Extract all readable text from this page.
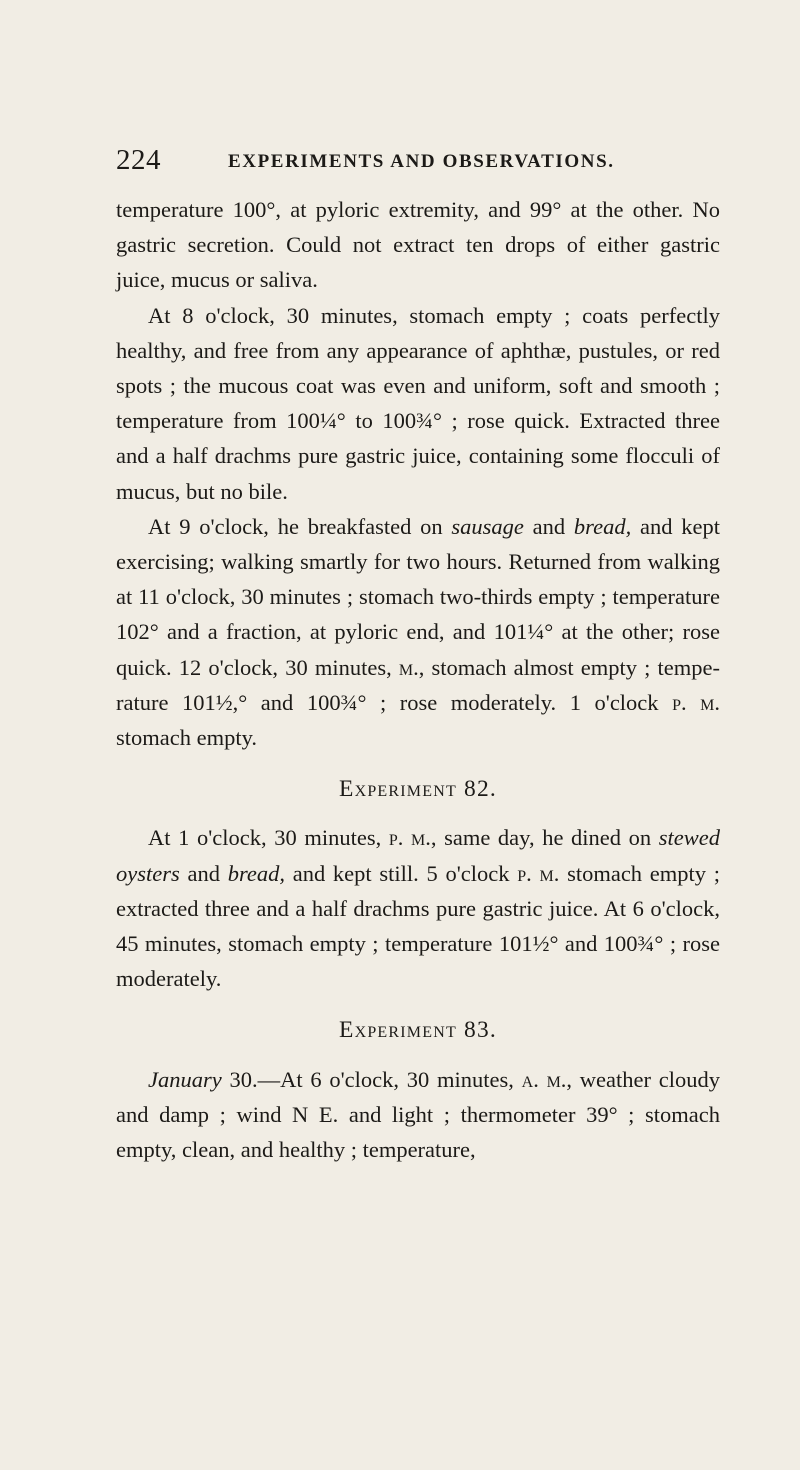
224	EXPERIMENTS AND OBSERVATIONS.

temperature 100°, at pyloric extremity, and 99° at the other. No gastric secretion. Could not extract ten drops of either gastric juice, mucus or saliva.

At 8 o'clock, 30 minutes, stomach empty ; coats perfectly healthy, and free from any appearance of aphthæ, pustules, or red spots ; the mucous coat was even and uniform, soft and smooth ; temperature from 100¼° to 100¾° ; rose quick. Extracted three and a half drachms pure gastric juice, containing some flocculi of mucus, but no bile.

At 9 o'clock, he breakfasted on sausage and bread, and kept exercising; walking smartly for two hours. Returned from walking at 11 o'clock, 30 minutes ; stomach two-thirds empty ; temperature 102° and a fraction, at pyloric end, and 101¼° at the other; rose quick. 12 o'clock, 30 minutes, m., stomach almost empty ; temperature 101½,° and 100¾° ; rose moderately. 1 o'clock p. m. stomach empty.

Experiment 82.

At 1 o'clock, 30 minutes, p. m., same day, he dined on stewed oysters and bread, and kept still. 5 o'clock p. m. stomach empty ; extracted three and a half drachms pure gastric juice. At 6 o'clock, 45 minutes, stomach empty ; temperature 101½° and 100¾° ; rose moderately.

Experiment 83.

January 30.—At 6 o'clock, 30 minutes, a. m., weather cloudy and damp ; wind N E. and light ; thermometer 39° ; stomach empty, clean, and healthy ; temperature,
